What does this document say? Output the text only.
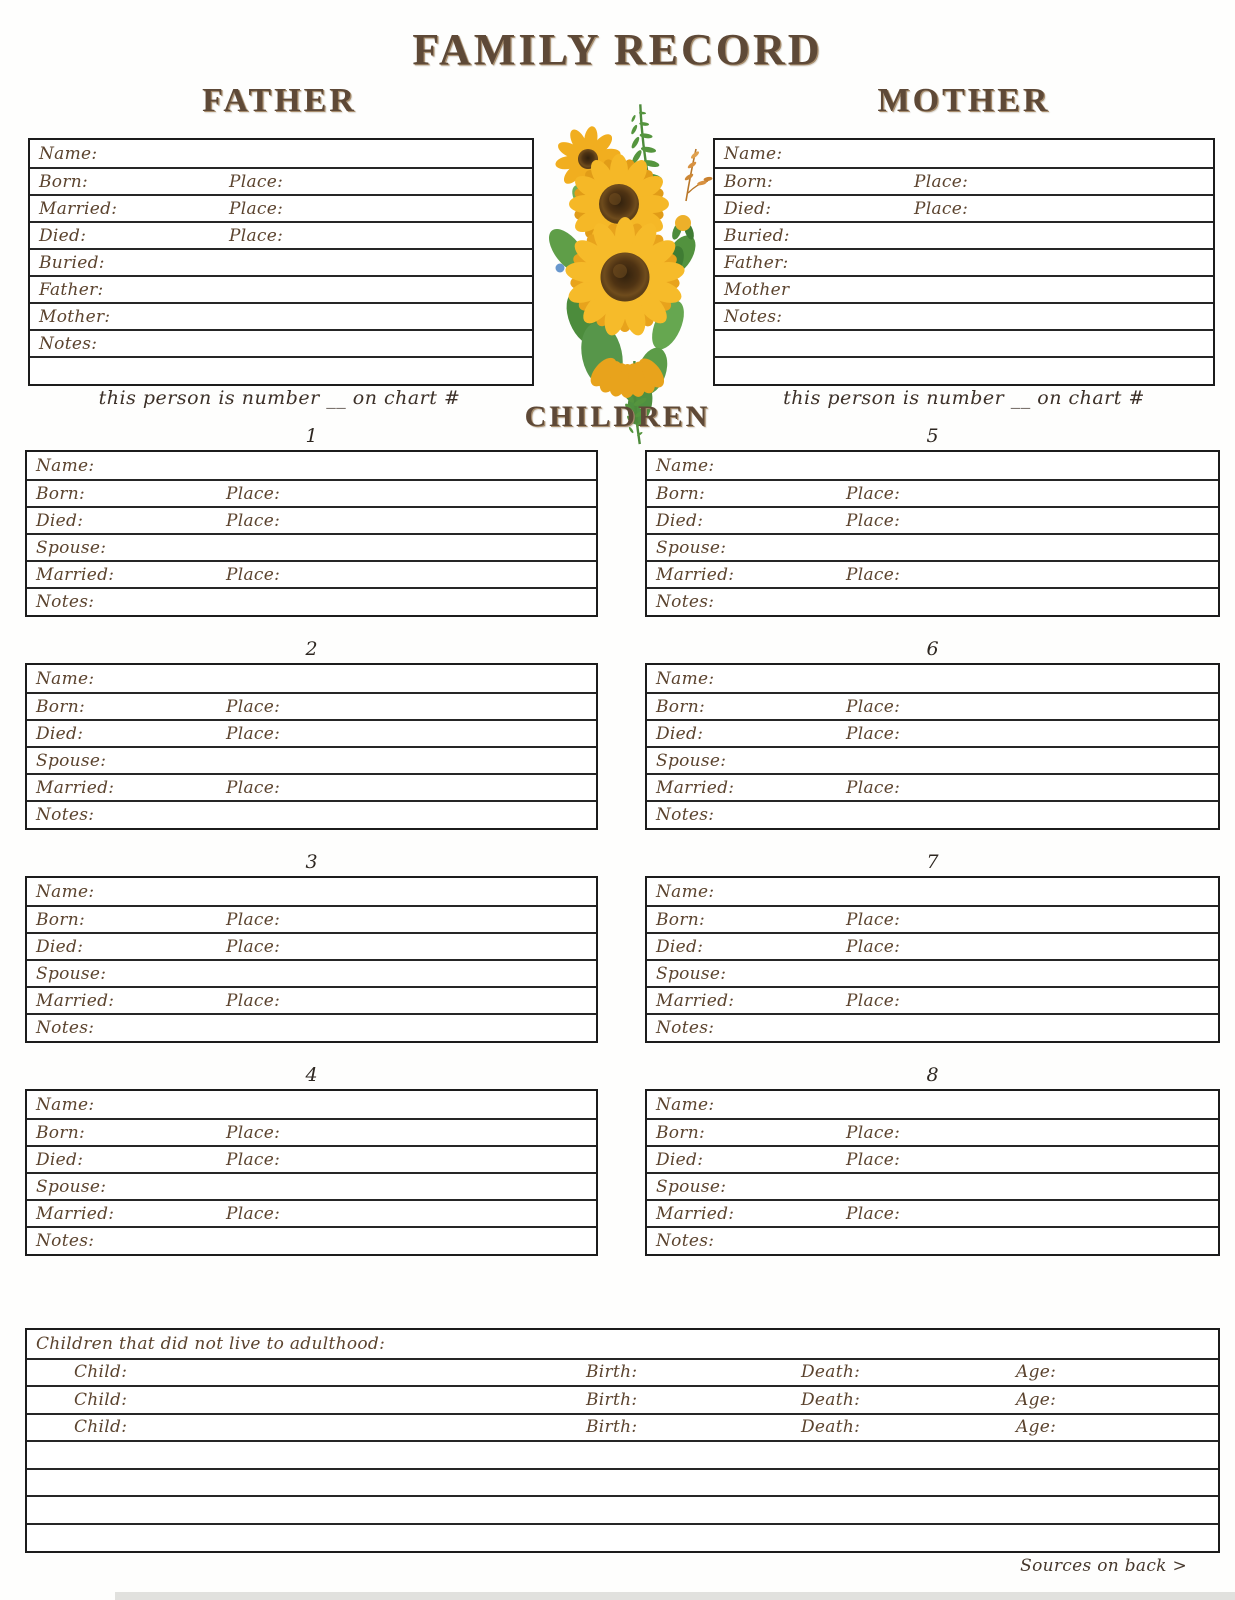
FAMILY RECORD
FATHER	MOTHER
Name:
Born:	Place:
Married:	Place:
Died:	Place:
Buried:
Father:
Mother:
Notes:
Name:
Born:	Place:
Died:	Place:
Buried:
Father:
Mother
Notes:
this person is number __ on chart #	this person is number __ on chart #
CHILDREN
1
Name:
Born:	Place:
Died:	Place:
Spouse:
Married:	Place:
Notes:
2
Name:
Born:	Place:
Died:	Place:
Spouse:
Married:	Place:
Notes:
3
Name:
Born:	Place:
Died:	Place:
Spouse:
Married:	Place:
Notes:
4
Name:
Born:	Place:
Died:	Place:
Spouse:
Married:	Place:
Notes:
5
Name:
Born:	Place:
Died:	Place:
Spouse:
Married:	Place:
Notes:
6
Name:
Born:	Place:
Died:	Place:
Spouse:
Married:	Place:
Notes:
7
Name:
Born:	Place:
Died:	Place:
Spouse:
Married:	Place:
Notes:
8
Name:
Born:	Place:
Died:	Place:
Spouse:
Married:	Place:
Notes:
Children that did not live to adulthood:
Child:	Birth:	Death:	Age:
Child:	Birth:	Death:	Age:
Child:	Birth:	Death:	Age:
Sources on back >
